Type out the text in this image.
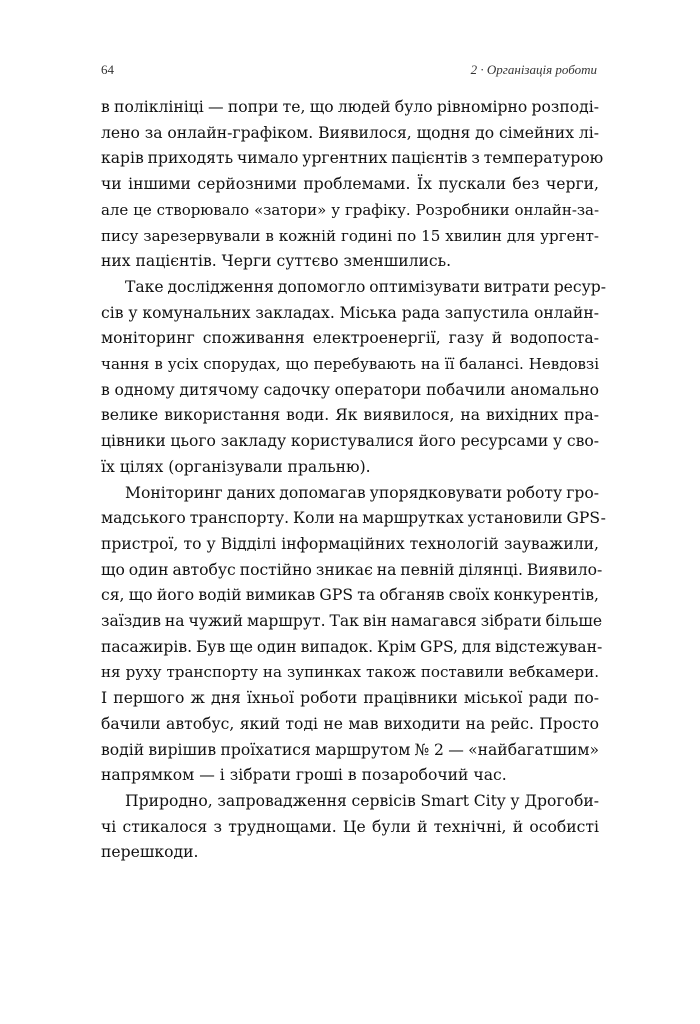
64	2 · Організація роботи
в поліклініці — попри те, що людей було рівномірно розподі-
лено за онлайн-графіком. Виявилося, щодня до сімейних лі-
карів приходять чимало ургентних пацієнтів з температурою
чи іншими серйозними проблемами. Їх пускали без черги,
але це створювало «затори» у графіку. Розробники онлайн-за-
пису зарезервували в кожній годині по 15 хвилин для ургент-
них пацієнтів. Черги суттєво зменшились.
Таке дослідження допомогло оптимізувати витрати ресур-
сів у комунальних закладах. Міська рада запустила онлайн-
моніторинг споживання електроенергії, газу й водопоста-
чання в усіх спорудах, що перебувають на її балансі. Невдовзі
в одному дитячому садочку оператори побачили аномально
велике використання води. Як виявилося, на вихідних пра-
цівники цього закладу користувалися його ресурсами у сво-
їх цілях (організували пральню).
Моніторинг даних допомагав упорядковувати роботу гро-
мадського транспорту. Коли на маршрутках установили GPS-
пристрої, то у Відділі інформаційних технологій зауважили,
що один автобус постійно зникає на певній ділянці. Виявило-
ся, що його водій вимикав GPS та обганяв своїх конкурентів,
заїздив на чужий маршрут. Так він намагався зібрати більше
пасажирів. Був ще один випадок. Крім GPS, для відстежуван-
ня руху транспорту на зупинках також поставили вебкамери.
І першого ж дня їхньої роботи працівники міської ради по-
бачили автобус, який тоді не мав виходити на рейс. Просто
водій вирішив проїхатися маршрутом № 2 — «найбагатшим»
напрямком — і зібрати гроші в позаробочий час.
Природно, запровадження сервісів Smart City у Дрогоби-
чі стикалося з труднощами. Це були й технічні, й особисті
перешкоди.
